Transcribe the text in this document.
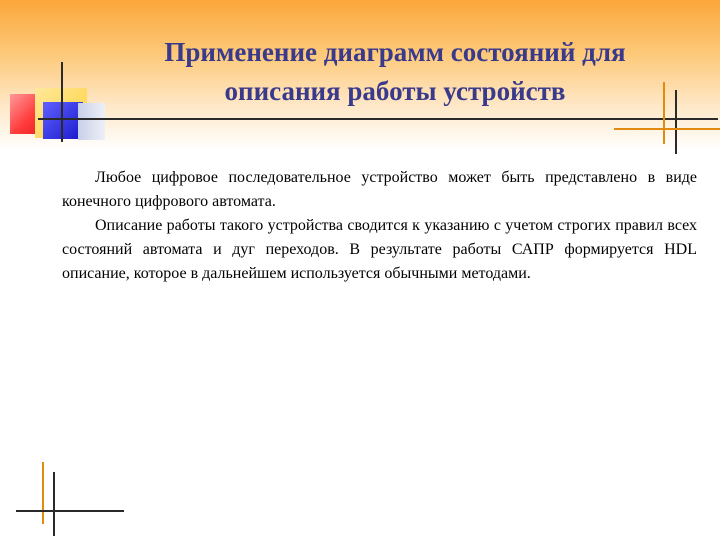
Применение диаграмм состояний для
описания работы устройств

Любое цифровое последовательное устройство может быть представлено в виде конечного цифрового автомата.

Описание работы такого устройства сводится к указанию с учетом строгих правил всех состояний автомата и дуг переходов. В результате работы САПР формируется HDL описание, которое в дальнейшем используется обычными методами.
